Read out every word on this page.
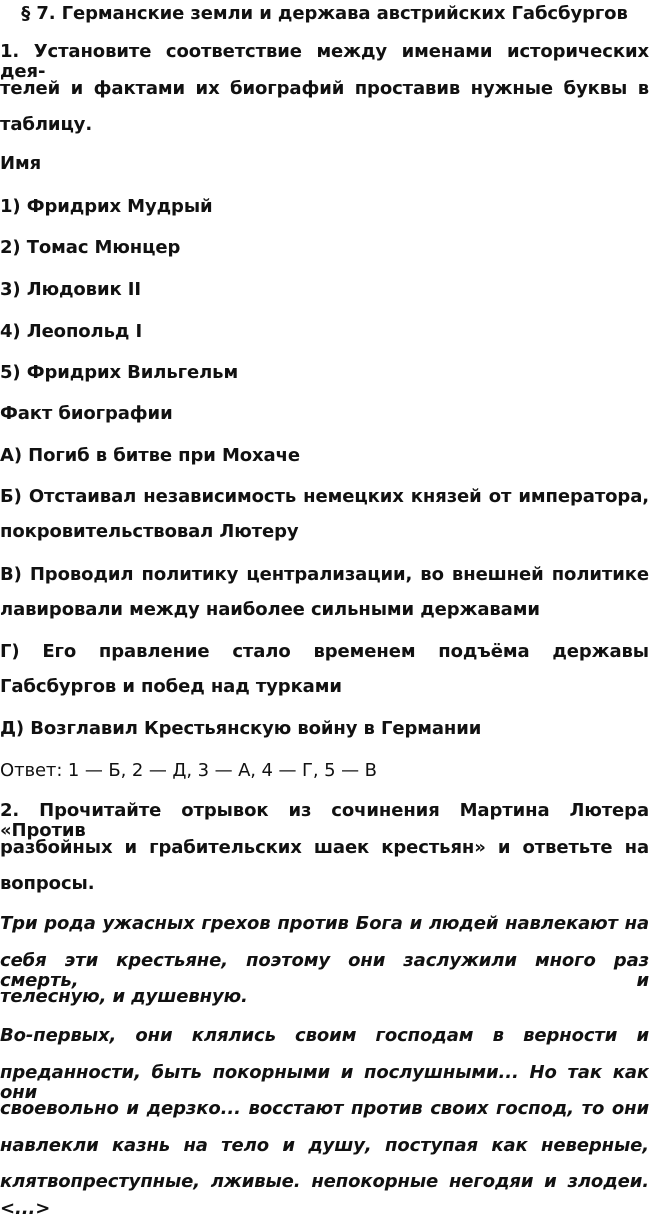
§ 7. Германские земли и держава австрийских Габсбургов

1. Установите соответствие между именами исторических дея-

телей и фактами их биографий проставив нужные буквы в

таблицу.

Имя

1) Фридрих Мудрый

2) Томас Мюнцер

3) Людовик II

4) Леопольд I

5) Фридрих Вильгельм

Факт биографии

А) Погиб в битве при Мохаче

Б) Отстаивал независимость немецких князей от императора,

покровительствовал Лютеру

В) Проводил политику централизации, во внешней политике

лавировали между наиболее сильными державами

Г) Его правление стало временем подъёма державы

Габсбургов и побед над турками

Д) Возглавил Крестьянскую войну в Германии

Ответ: 1 — Б, 2 — Д, 3 — А, 4 — Г, 5 — В

2. Прочитайте отрывок из сочинения Мартина Лютера «Против

разбойных и грабительских шаек крестьян» и ответьте на

вопросы.

Три рода ужасных грехов против Бога и людей навлекают на

себя эти крестьяне, поэтому они заслужили много раз смерть, и

телесную, и душевную.

Во-первых, они клялись своим господам в верности и

преданности, быть покорными и послушными... Но так как они

своевольно и дерзко... восстают против своих господ, то они

навлекли казнь на тело и душу, поступая как неверные,

клятвопреступные, лживые. непокорные негодяи и злодеи.

<...>
